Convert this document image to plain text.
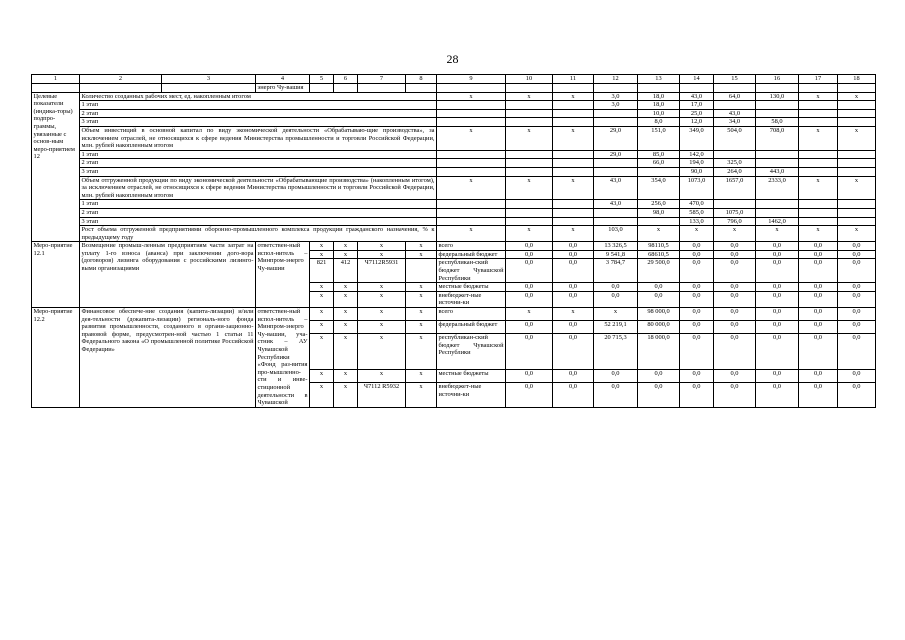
28
1	2	3	4	5	6	7	8	9	10	11	12	13	14	15	16	17	18
			энерго Чу-вашия														
Целевые показатели (индика-торы) подпро-граммы, увязанные с основ-ным меро-приятием 12	Количество созданных рабочих мест, ед. накопленным итогом							x	x	x	3,0	18,0	43,0	64,0	130,0	x	x
	1 этап										3,0	18,0	17,0				
	2 этап											10,0	25,0	43,0			
	3 этап											8,0	12,0	34,0	58,0		
	Объем инвестиций в основной капитал по виду экономической деятельности «Обрабатываю-щие производства», за исключением отраслей, не относящихся к сфере ведения Министерства промышленности и торговли Российской Федерации, млн. рублей накопленным итогом							x	x	x	29,0	151,0	349,0	504,0	708,0	x	x
	1 этап										29,0	85,0	142,0				
	2 этап											66,0	194,0	325,0			
	3 этап												90,0	264,0	443,0		
	Объем отгруженной продукции по виду экономической деятельности «Обрабатывающие производства» (накопленным итогом), за исключением отраслей, не относящихся к сфере ведения Министерства промышленности и торговли Российской Федерации, млн. рублей накопленным итогом							x	x	x	43,0	354,0	1073,0	1657,0	2333,0	x	x
	1 этап										43,0	256,0	470,0				
	2 этап											98,0	585,0	1075,0			
	3 этап												133,0	796,0	1462,0		
	Рост объема отгруженной предприятиями оборонно-промышленного комплекса продукции гражданского назначения, % к предыдущему году							x	x	x	103,0	x	x	x	x	x	x
Меро-приятие 12.1	Возмещение промыш-ленным предприятиям части затрат на уплату 1-го взноса (аванса) при заключении дого-вора (договоров) лизинга оборудования с российскими лизинго-выми организациями		ответствен-ный испол-нитель – Минпром-энерго Чу-вашии	x	x	x	x	всего	0,0	0,0	13 326,5	98110,5	0,0	0,0	0,0	0,0	0,0
				x	x	x	x	федеральный бюджет	0,0	0,0	9 541,8	68610,5	0,0	0,0	0,0	0,0	0,0
				821	412	Ч7112R5931		республикан-ский бюджет Чувашской Республики	0,0	0,0	3 784,7	29 500,0	0,0	0,0	0,0	0,0	0,0
				x	x	x	x	местные бюджеты	0,0	0,0	0,0	0,0	0,0	0,0	0,0	0,0	0,0
				x	x	x	x	внебюджет-ные источни-ки	0,0	0,0	0,0	0,0	0,0	0,0	0,0	0,0	0,0
Меро-приятие 12.2	Финансовое обеспече-ние создания (капита-лизации) и/или дея-тельности (докапита-лизации) региональ-ного фонда развития промышленности, созданного в органи-зационно-правовой форме, предусмотрен-ной частью 1 статьи 11 Федерального закона «О промышленной политике Российской Федерации»		ответствен-ный испол-нитель – Минпром-энерго Чу-вашии, уча-стник – АУ Чувашской Республики «Фонд раз-вития про-мышленно-сти и инве-стиционной деятельности в Чувашской	x	x	x	x	всего	x	x	x	98 000,0	0,0	0,0	0,0	0,0	0,0
				x	x	x	x	федеральный бюджет	0,0	0,0	52 219,1	80 000,0	0,0	0,0	0,0	0,0	0,0
				x	x	x	x	республикан-ский бюджет Чувашской Республики	0,0	0,0	20 715,3	18 000,0	0,0	0,0	0,0	0,0	0,0
				x	x	x	x	местные бюджеты	0,0	0,0	0,0	0,0	0,0	0,0	0,0	0,0	0,0
				x	x	Ч7112 R5932	x	внебюджет-ные источни-ки	0,0	0,0	0,0	0,0	0,0	0,0	0,0	0,0	0,0
